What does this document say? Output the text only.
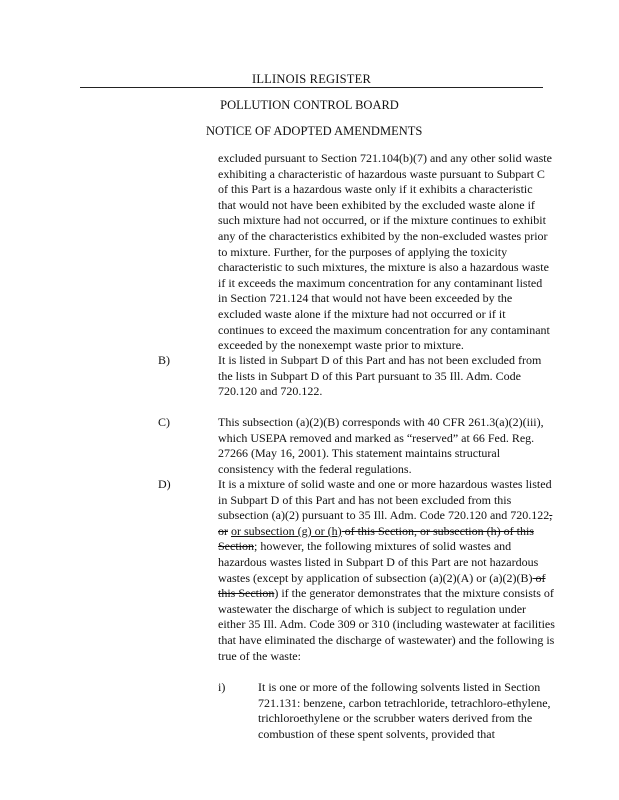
ILLINOIS REGISTER
POLLUTION CONTROL BOARD
NOTICE OF ADOPTED AMENDMENTS

excluded pursuant to Section 721.104(b)(7) and any other solid waste exhibiting a characteristic of hazardous waste pursuant to Subpart C of this Part is a hazardous waste only if it exhibits a characteristic that would not have been exhibited by the excluded waste alone if such mixture had not occurred, or if the mixture continues to exhibit any of the characteristics exhibited by the non-excluded wastes prior to mixture. Further, for the purposes of applying the toxicity characteristic to such mixtures, the mixture is also a hazardous waste if it exceeds the maximum concentration for any contaminant listed in Section 721.124 that would not have been exceeded by the excluded waste alone if the mixture had not occurred or if it continues to exceed the maximum concentration for any contaminant exceeded by the nonexempt waste prior to mixture.

B)	It is listed in Subpart D of this Part and has not been excluded from the lists in Subpart D of this Part pursuant to 35 Ill. Adm. Code 720.120 and 720.122.

C)	This subsection (a)(2)(B) corresponds with 40 CFR 261.3(a)(2)(iii), which USEPA removed and marked as “reserved” at 66 Fed. Reg. 27266 (May 16, 2001). This statement maintains structural consistency with the federal regulations.

D)	It is a mixture of solid waste and one or more hazardous wastes listed in Subpart D of this Part and has not been excluded from this subsection (a)(2) pursuant to 35 Ill. Adm. Code 720.120 and 720.122, or or subsection (g) or (h) of this Section, or subsection (h) of this Section; however, the following mixtures of solid wastes and hazardous wastes listed in Subpart D of this Part are not hazardous wastes (except by application of subsection (a)(2)(A) or (a)(2)(B) of this Section) if the generator demonstrates that the mixture consists of wastewater the discharge of which is subject to regulation under either 35 Ill. Adm. Code 309 or 310 (including wastewater at facilities that have eliminated the discharge of wastewater) and the following is true of the waste:

i)	It is one or more of the following solvents listed in Section 721.131: benzene, carbon tetrachloride, tetrachloro-ethylene, trichloroethylene or the scrubber waters derived from the combustion of these spent solvents, provided that
